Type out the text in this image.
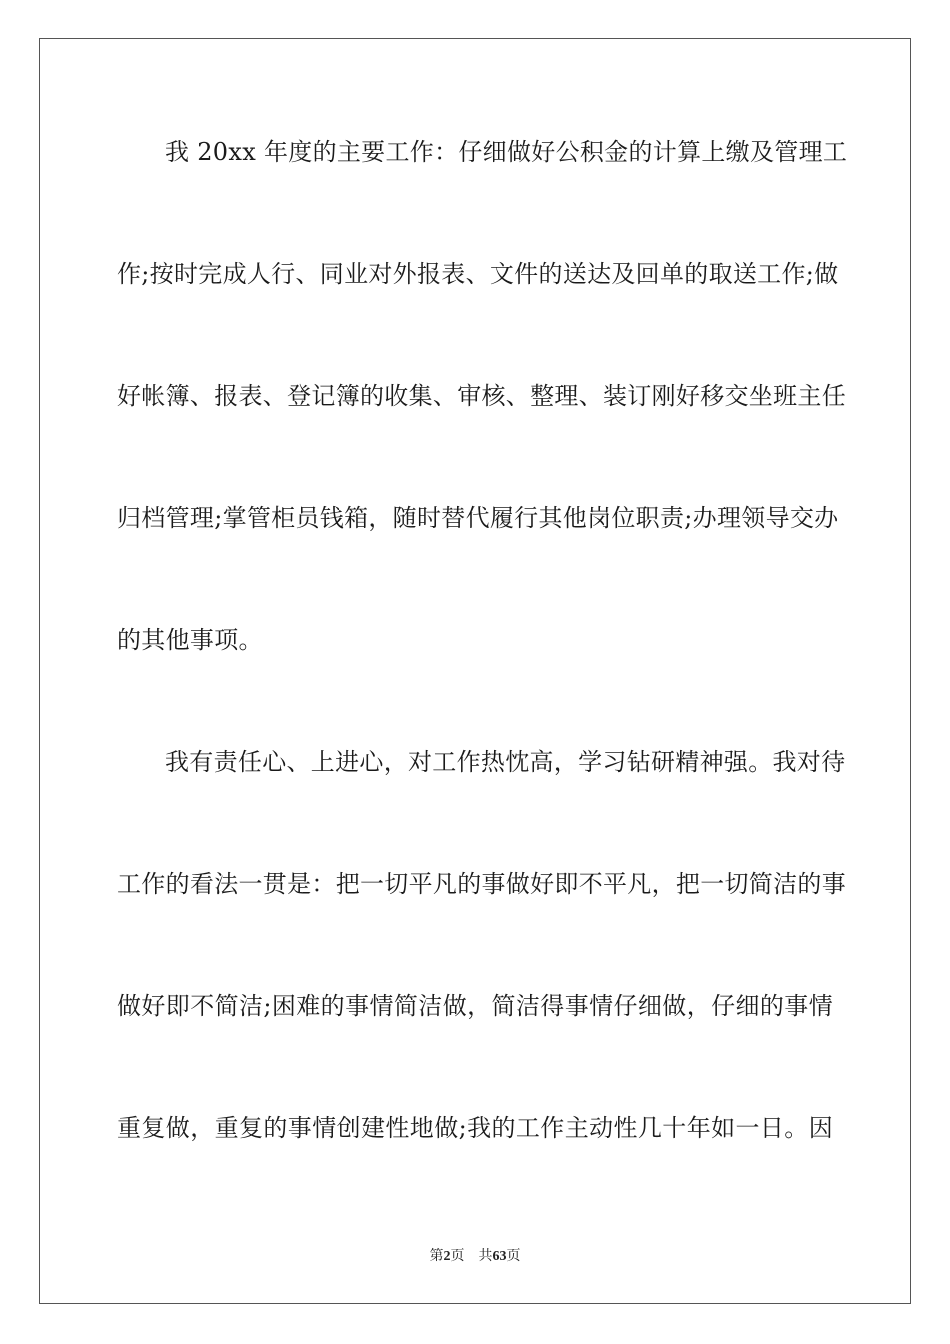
我 20xx 年度的主要工作：仔细做好公积金的计算上缴及管理工
作;按时完成人行、同业对外报表、文件的送达及回单的取送工作;做
好帐簿、报表、登记簿的收集、审核、整理、装订刚好移交坐班主任
归档管理;掌管柜员钱箱，随时替代履行其他岗位职责;办理领导交办
的其他事项。
我有责任心、上进心，对工作热忱高，学习钻研精神强。我对待
工作的看法一贯是：把一切平凡的事做好即不平凡，把一切简洁的事
做好即不简洁;困难的事情简洁做，简洁得事情仔细做，仔细的事情
重复做，重复的事情创建性地做;我的工作主动性几十年如一日。因
第2页 共63页
